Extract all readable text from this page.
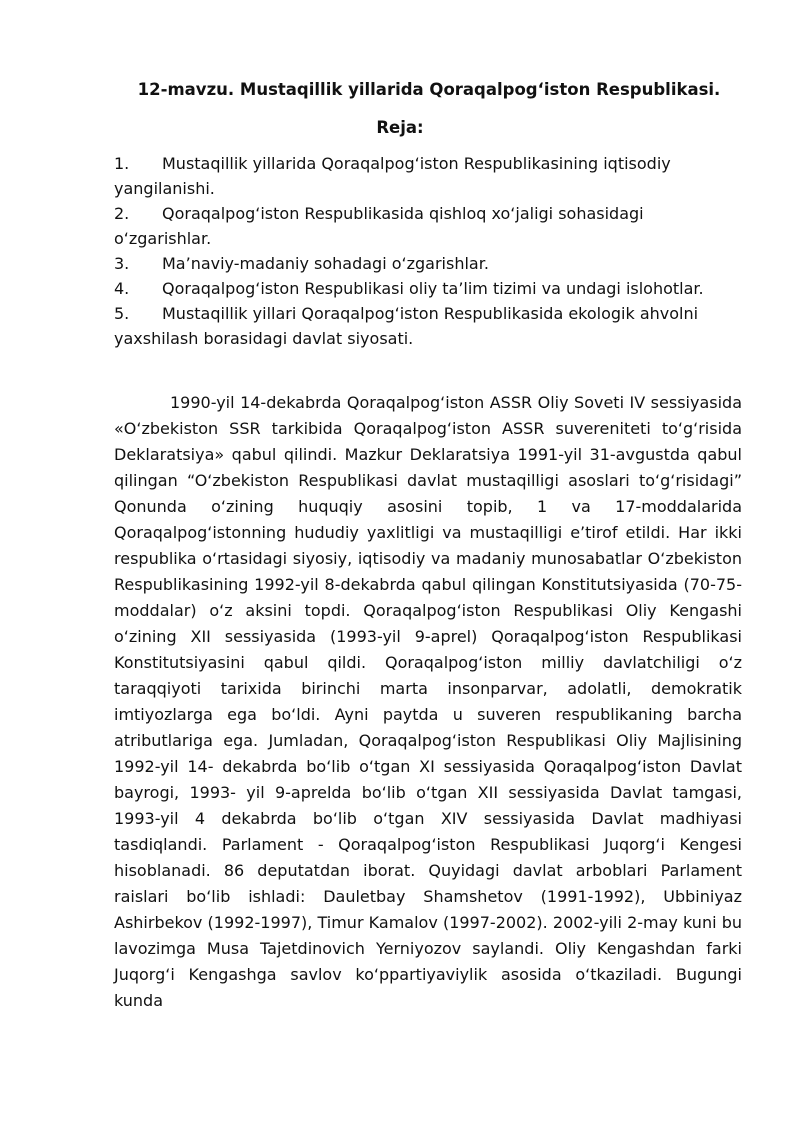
12-mavzu. Mustaqillik yillarida Qoraqalpog‘iston Respublikasi.
Reja:
1. Mustaqillik yillarida Qoraqalpog‘iston Respublikasining iqtisodiy yangilanishi.
2. Qoraqalpog‘iston Respublikasida qishloq xo‘jaligi sohasidagi o‘zgarishlar.
3. Ma’naviy-madaniy sohadagi o‘zgarishlar.
4. Qoraqalpog‘iston Respublikasi oliy ta’lim tizimi va undagi islohotlar.
5. Mustaqillik yillari Qoraqalpog‘iston Respublikasida ekologik ahvolni yaxshilash borasidagi davlat siyosati.

1990-yil 14-dekabrda Qoraqalpog‘iston ASSR Oliy Soveti IV sessiyasida «O‘zbekiston SSR tarkibida Qoraqalpog‘iston ASSR suvereniteti to‘g‘risida Deklaratsiya» qabul qilindi. Mazkur Deklaratsiya 1991-yil 31-avgustda qabul qilingan “O‘zbekiston Respublikasi davlat mustaqilligi asoslari to‘g‘risidagi” Qonunda o‘zining huquqiy asosini topib, 1 va 17-moddalarida Qoraqalpog‘istonning hududiy yaxlitligi va mustaqilligi e’tirof etildi. Har ikki respublika o‘rtasidagi siyosiy, iqtisodiy va madaniy munosabatlar O‘zbekiston Respublikasining 1992-yil 8-dekabrda qabul qilingan Konstitutsiyasida (70-75- moddalar) o‘z aksini topdi. Qoraqalpog‘iston Respublikasi Oliy Kengashi o‘zining XII sessiyasida (1993-yil 9-aprel) Qoraqalpog‘iston Respublikasi Konstitutsiyasini qabul qildi. Qoraqalpog‘iston milliy davlatchiligi o‘z taraqqiyoti tarixida birinchi marta insonparvar, adolatli, demokratik imtiyozlarga ega bo‘ldi. Ayni paytda u suveren respublikaning barcha atributlariga ega. Jumladan, Qoraqalpog‘iston Respublikasi Oliy Majlisining 1992-yil 14- dekabrda bo‘lib o‘tgan XI sessiyasida Qoraqalpog‘iston Davlat bayrogi, 1993- yil 9-aprelda bo‘lib o‘tgan XII sessiyasida Davlat tamgasi, 1993-yil 4 dekabrda bo‘lib o‘tgan XIV sessiyasida Davlat madhiyasi tasdiqlandi. Parlament - Qoraqalpog‘iston Respublikasi Juqorg‘i Kengesi hisoblanadi. 86 deputatdan iborat. Quyidagi davlat arboblari Parlament raislari bo‘lib ishladi: Dauletbay Shamshetov (1991-1992), Ubbiniyaz Ashirbekov (1992-1997), Timur Kamalov (1997-2002). 2002-yili 2-may kuni bu lavozimga Musa Tajetdinovich Yerniyozov saylandi. Oliy Kengashdan farki Juqorg‘i Kengashga savlov ko‘ppartiyaviylik asosida o‘tkaziladi. Bugungi kunda
